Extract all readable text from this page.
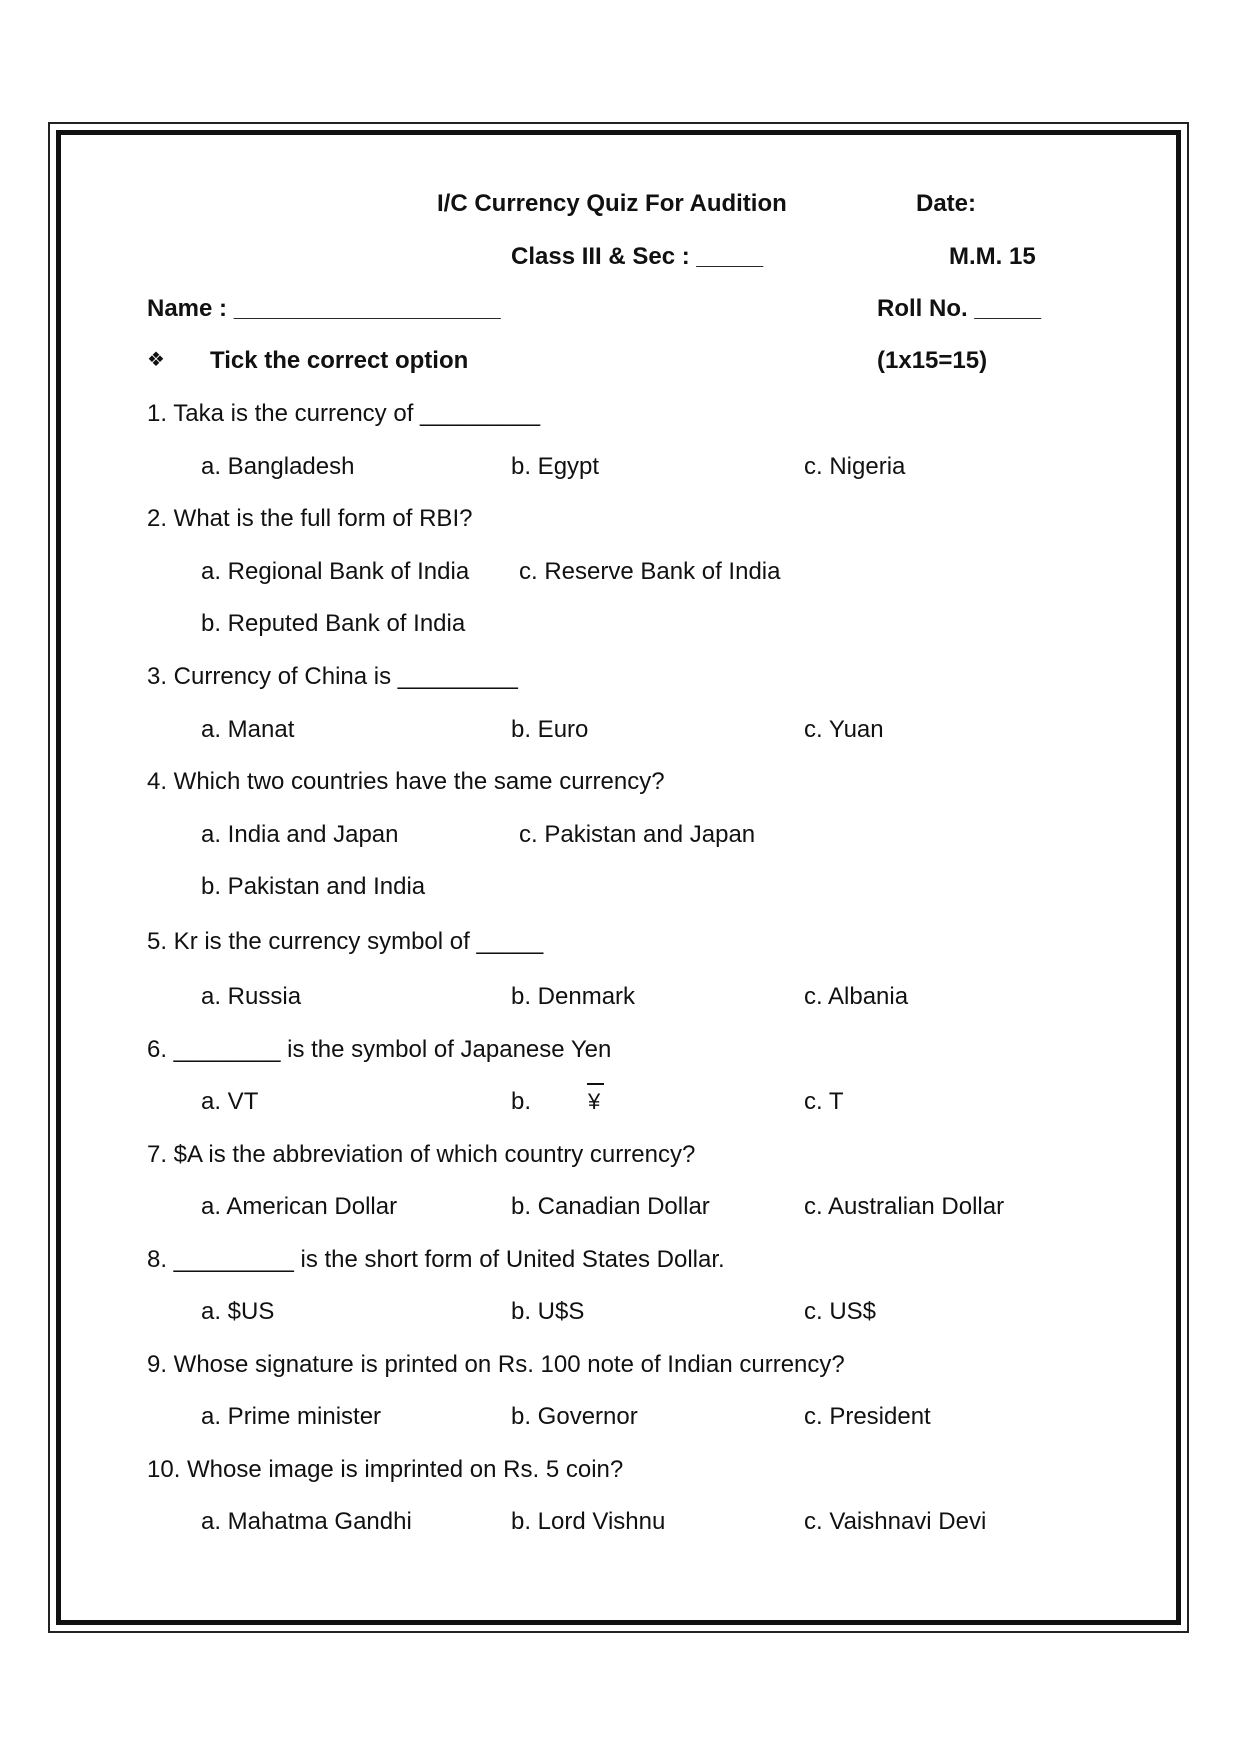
I/C Currency Quiz For Audition	Date:
Class III & Sec : _____	M.M. 15
Name : ____________________	Roll No. _____
❖ Tick the correct option	(1x15=15)
1. Taka is the currency of _________
a. Bangladesh	b. Egypt	c. Nigeria
2. What is the full form of RBI?
a. Regional Bank of India c. Reserve Bank of India
b. Reputed Bank of India
3. Currency of China is _________
a. Manat	b. Euro	c. Yuan
4. Which two countries have the same currency?
a. India and Japan	c. Pakistan and Japan
b. Pakistan and India
5. Kr is the currency symbol of _____
a. Russia	b. Denmark	c. Albania
6. ________ is the symbol of Japanese Yen
a. VT	b.	¥	c. T
7. $A is the abbreviation of which country currency?
a. American Dollar	b. Canadian Dollar	c. Australian Dollar
8. _________ is the short form of United States Dollar.
a. $US	b. U$S	c. US$
9. Whose signature is printed on Rs. 100 note of Indian currency?
a. Prime minister	b. Governor	c. President
10. Whose image is imprinted on Rs. 5 coin?
a. Mahatma Gandhi	b. Lord Vishnu	c. Vaishnavi Devi
